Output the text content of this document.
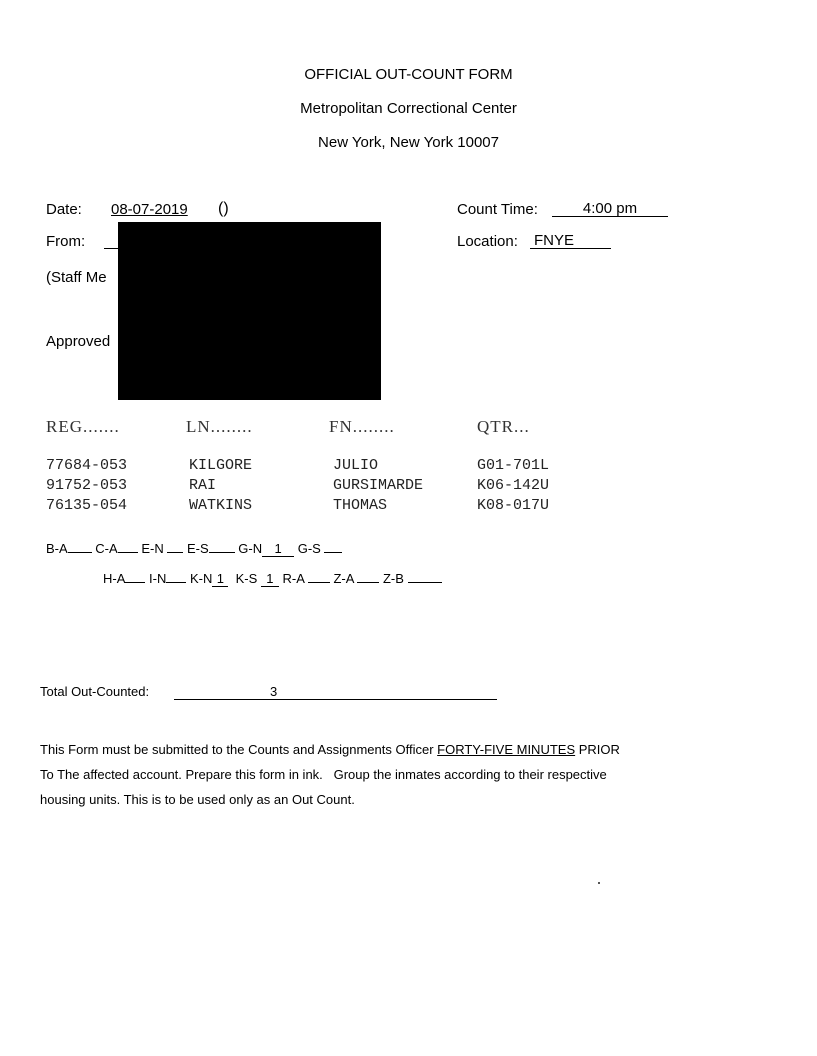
OFFICIAL OUT-COUNT FORM
Metropolitan Correctional Center
New York, New York 10007
Date: 08-07-2019 ()	Count Time:	4:00 pm
From:	Location: FNYE
(Staff Me
Approved
REG.......	LN........	FN........	QTR...
77684-053	KILGORE	JULIO	G01-701L
91752-053	RAI	GURSIMARDE	K06-142U
76135-054	WATKINS	THOMAS	K08-017U
B-A C-A E-N E-S G-N 1 G-S
H-A I-N K-N 1 K-S 1 R-A Z-A Z-B
Total Out-Counted:	3
This Form must be submitted to the Counts and Assignments Officer FORTY-FIVE MINUTES PRIOR
To The affected account. Prepare this form in ink.   Group the inmates according to their respective
housing units. This is to be used only as an Out Count.
